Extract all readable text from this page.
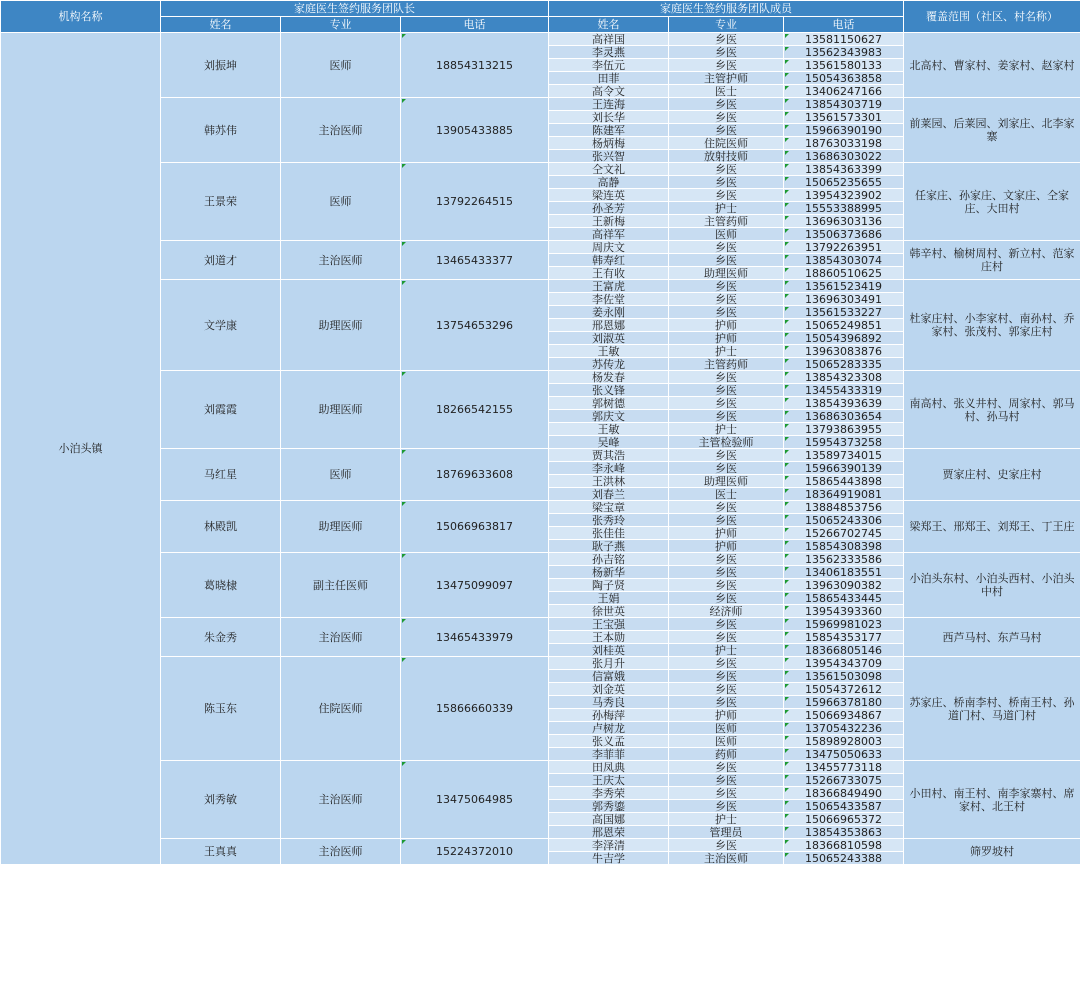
机构名称	家庭医生签约服务团队长			家庭医生签约服务团队成员			覆盖范围（社区、村名称）
	姓名	专业	电话	姓名	专业	电话	
小泊头镇	刘振坤	医师	18854313215	高祥国	乡医	13581150627	北高村、曹家村、姜家村、赵家村
				李灵燕	乡医	13562343983	
				李伍元	乡医	13561580133	
				田菲	主管护师	15054363858	
				高令文	医士	13406247166	
	韩苏伟	主治医师	13905433885	王连海	乡医	13854303719	前莱园、后莱园、刘家庄、北李家寨
				刘长华	乡医	13561573301	
				陈建军	乡医	15966390190	
				杨炳梅	住院医师	18763033198	
				张兴智	放射技师	13686303022	
	王景荣	医师	13792264515	仝文礼	乡医	13854363399	任家庄、孙家庄、文家庄、仝家庄、大田村
				高静	乡医	15065235655	
				梁连英	乡医	13954323902	
				孙圣芳	护士	15553388995	
				王新梅	主管药师	13696303136	
				高祥军	医师	13506373686	
	刘道才	主治医师	13465433377	周庆文	乡医	13792263951	韩辛村、榆树周村、新立村、范家庄村
				韩寿红	乡医	13854303074	
				王有收	助理医师	18860510625	
	文学康	助理医师	13754653296	王富虎	乡医	13561523419	杜家庄村、小李家村、南孙村、乔家村、张茂村、郭家庄村
				李佐堂	乡医	13696303491	
				姜永刚	乡医	13561533227	
				邢恩娜	护师	15065249851	
				刘淑英	护师	15054396892	
				王敏	护士	13963083876	
				苏传龙	主管药师	15065283335	
	刘霞霞	助理医师	18266542155	杨发春	乡医	13854323308	南高村、张义井村、周家村、郭马村、孙马村
				张义锋	乡医	13455433319	
				郭树德	乡医	13854393639	
				郭庆文	乡医	13686303654	
				王敏	护士	13793863955	
				吴峰	主管检验师	15954373258	
	马红星	医师	18769633608	贾其浩	乡医	13589734015	贾家庄村、史家庄村
				李永峰	乡医	15966390139	
				王洪林	助理医师	15865443898	
				刘春兰	医士	18364919081	
	林殿凯	助理医师	15066963817	梁宝章	乡医	13884853756	梁郑王、邢郑王、刘郑王、丁王庄
				张秀玲	乡医	15065243306	
				张佳佳	护师	15266702745	
				耿子燕	护师	15854308398	
	葛晓棣	副主任医师	13475099097	孙吉铭	乡医	13562333586	小泊头东村、小泊头西村、小泊头中村
				杨新华	乡医	13406183551	
				陶子贤	乡医	13963090382	
				王娟	乡医	15865433445	
				徐世英	经济师	13954393360	
	朱金秀	主治医师	13465433979	王宝强	乡医	15969981023	西芦马村、东芦马村
				王本勋	乡医	15854353177	
				刘桂英	护士	18366805146	
	陈玉东	住院医师	15866660339	张月升	乡医	13954343709	苏家庄、桥南李村、桥南王村、孙道门村、马道门村
				信富娥	乡医	13561503098	
				刘金英	乡医	15054372612	
				马秀良	乡医	15966378180	
				孙梅萍	护师	15066934867	
				卢树龙	医师	13705432236	
				张义孟	医师	15898928003	
				李菲菲	药师	13475050633	
	刘秀敏	主治医师	13475064985	田凤典	乡医	13455773118	小田村、南王村、南李家寨村、席家村、北王村
				王庆太	乡医	15266733075	
				李秀荣	乡医	18366849490	
				郭秀鎏	乡医	15065433587	
				高国娜	护士	15066965372	
				邢恩荣	管理员	13854353863	
	王真真	主治医师	15224372010	李泽清	乡医	18366810598	筛罗坡村
				牛吉学	主治医师	15065243388	
